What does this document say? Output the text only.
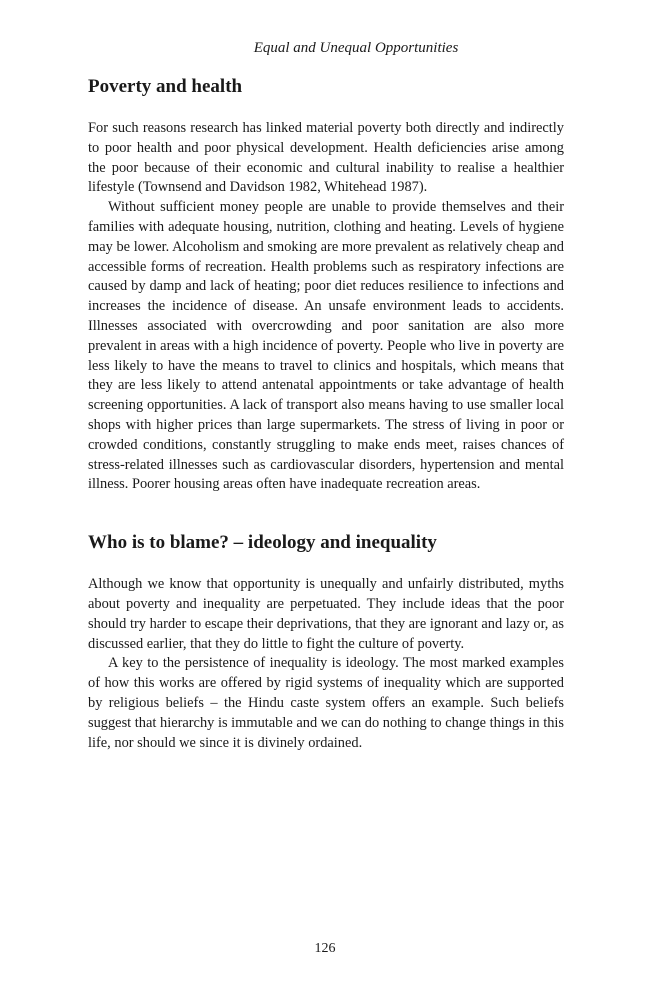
Equal and Unequal Opportunities
Poverty and health

For such reasons research has linked material poverty both directly and indirectly to poor health and poor physical development. Health deficiencies arise among the poor because of their economic and cultural inability to realise a healthier lifestyle (Townsend and Davidson 1982, Whitehead 1987).

Without sufficient money people are unable to provide themselves and their families with adequate housing, nutrition, clothing and heating. Levels of hygiene may be lower. Alcoholism and smoking are more prevalent as relatively cheap and accessible forms of recreation. Health problems such as respiratory infections are caused by damp and lack of heating; poor diet reduces resilience to infections and increases the incidence of disease. An unsafe environment leads to accidents. Illnesses associated with overcrowding and poor sanitation are also more prevalent in areas with a high incidence of poverty. People who live in poverty are less likely to have the means to travel to clinics and hospitals, which means that they are less likely to attend antenatal appointments or take advantage of health screening opportunities. A lack of transport also means having to use smaller local shops with higher prices than large supermarkets. The stress of living in poor or crowded conditions, constantly struggling to make ends meet, raises chances of stress-related illnesses such as cardiovascular disorders, hypertension and mental illness. Poorer housing areas often have inadequate recreation areas.

Who is to blame? – ideology and inequality

Although we know that opportunity is unequally and unfairly distributed, myths about poverty and inequality are perpetuated. They include ideas that the poor should try harder to escape their deprivations, that they are ignorant and lazy or, as discussed earlier, that they do little to fight the culture of poverty.

A key to the persistence of inequality is ideology. The most marked examples of how this works are offered by rigid systems of inequality which are supported by religious beliefs – the Hindu caste system offers an example. Such beliefs suggest that hierarchy is immutable and we can do nothing to change things in this life, nor should we since it is divinely ordained.

126
